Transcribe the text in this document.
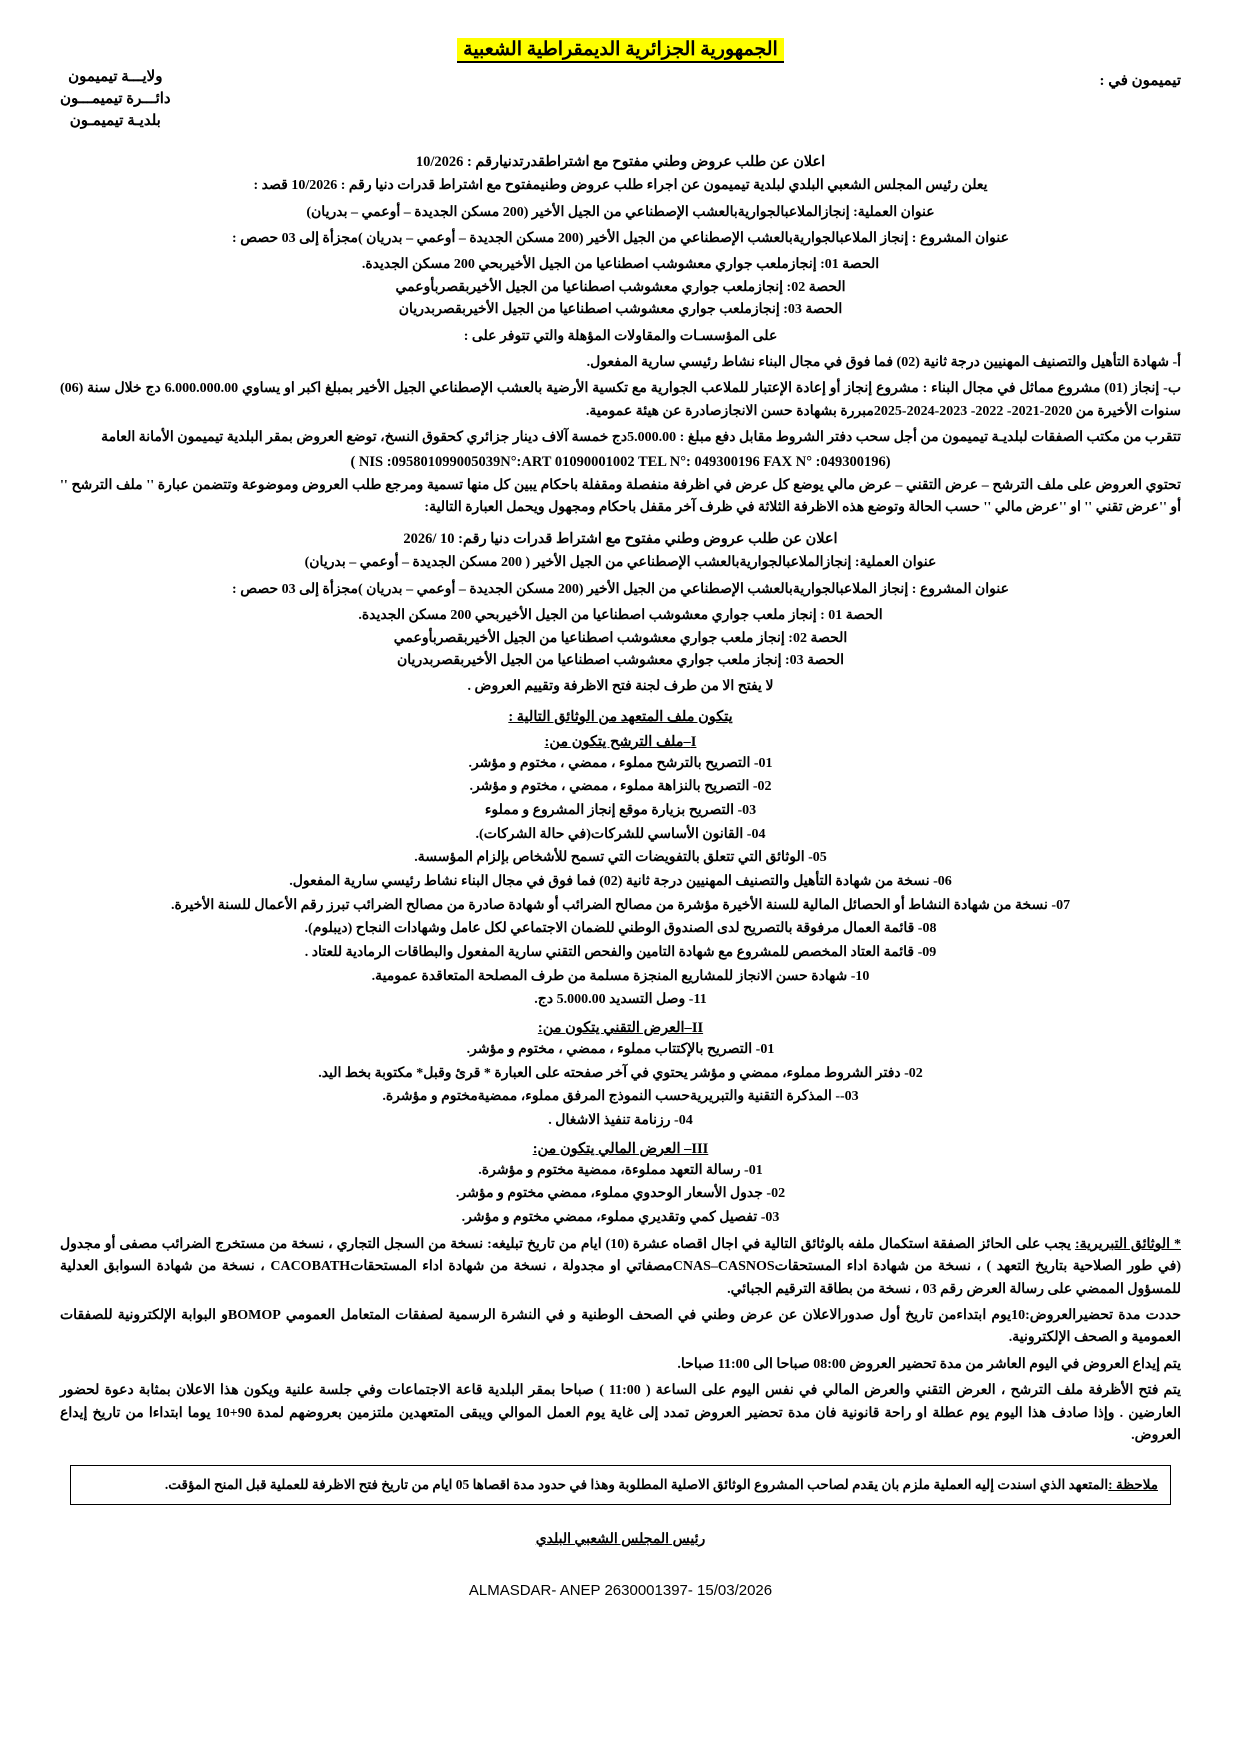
الجمهورية الجزائرية الديمقراطية الشعبية
ولايـــة تيميمون
دائـــرة تيميمـــون
بلديـة تيميمـون
تيميمون في :
اعلان عن طلب عروض وطني مفتوح مع اشتراطقدرتدنيارقم : 10/2026
يعلن رئيس المجلس الشعبي البلدي لبلدية تيميمون عن اجراء طلب عروض وطنيمفتوح مع اشتراط قدرات دنيا رقم : 10/2026 قصد :
عنوان العملية: إنجازالملاعبالجواريةبالعشب الإصطناعي من الجيل الأخير (200 مسكن الجديدة – أوعمي – بدريان)
عنوان المشروع : إنجاز الملاعبالجواريةبالعشب الإصطناعي من الجيل الأخير (200 مسكن الجديدة – أوعمي – بدريان )مجزأة إلى 03 حصص :
الحصة 01: إنجازملعب جواري معشوشب اصطناعيا من الجيل الأخيربحي 200 مسكن الجديدة.
الحصة 02: إنجازملعب جواري معشوشب اصطناعيا من الجيل الأخيربقصربأوعمي
الحصة 03: إنجازملعب جواري معشوشب اصطناعيا من الجيل الأخيربقصربدريان
على المؤسسـات والمقاولات المؤهلة والتي تتوفر على :
أ- شهادة التأهيل والتصنيف المهنيين درجة ثانية (02) فما فوق في مجال البناء نشاط رئيسي سارية المفعول.
ب- إنجاز (01) مشروع مماثل في مجال البناء : مشروع إنجاز أو إعادة الإعتبار للملاعب الجوارية مع تكسية الأرضية بالعشب الإصطناعي الجيل الأخير بمبلغ اكبر او يساوي 6.000.000.00 دج خلال سنة (06) سنوات الأخيرة من 2020-2021- 2022- 2023-2024-2025مبررة بشهادة حسن الانجازصادرة عن هيئة عمومية.
تتقرب من مكتب الصفقات لبلديـة تيميمون من أجل سحب دفتر الشروط مقابل دفع مبلغ : 5.000.00دج خمسة آلاف دينار جزائري كحقوق النسخ، توضع العروض بمقر البلدية تيميمون الأمانة العامة
( NIS :095801099005039N°:ART 01090001002 TEL N°: 049300196 FAX N° :049300196)
تحتوي العروض على ملف الترشح – عرض التقني – عرض مالي يوضع كل عرض في اظرفة منفصلة ومقفلة باحكام يبين كل منها تسمية ومرجع طلب العروض وموضوعة وتتضمن عبارة '' ملف الترشح '' أو ''عرض تقني '' او ''عرض مالي '' حسب الحالة وتوضع هذه الاظرفة الثلاثة في ظرف آخر مقفل باحكام ومجهول ويحمل العبارة التالية:
اعلان عن طلب عروض وطني مفتوح مع اشتراط قدرات دنيا رقم: 10 /2026
عنوان العملية: إنجازالملاعبالجواريةبالعشب الإصطناعي من الجيل الأخير ( 200 مسكن الجديدة – أوعمي – بدريان)
عنوان المشروع : إنجاز الملاعبالجواريةبالعشب الإصطناعي من الجيل الأخير (200 مسكن الجديدة – أوعمي – بدريان )مجزأة إلى 03 حصص :
الحصة 01 : إنجاز ملعب جواري معشوشب اصطناعيا من الجيل الأخيربحي 200 مسكن الجديدة.
الحصة 02: إنجاز ملعب جواري معشوشب اصطناعيا من الجيل الأخيربقصربأوعمي
الحصة 03: إنجاز ملعب جواري معشوشب اصطناعيا من الجيل الأخيربقصربدريان
لا يفتح الا من طرف لجنة فتح الاظرفة وتقييم العروض .
يتكون ملف المتعهد من الوثائق التالية :
I–ملف الترشح يتكون من:
01- التصريح بالترشح مملوء ، ممضي ، مختوم و مؤشر.
02- التصريح بالنزاهة مملوء ، ممضي ، مختوم و مؤشر.
03- التصريح بزيارة موقع إنجاز المشروع و مملوء
04- القانون الأساسي للشركات(في حالة الشركات).
05- الوثائق التي تتعلق بالتفويضات التي تسمح للأشخاص بإلزام المؤسسة.
06- نسخة من شهادة التأهيل والتصنيف المهنيين درجة ثانية (02) فما فوق في مجال البناء نشاط رئيسي سارية المفعول.
07- نسخة من شهادة النشاط أو الحصائل المالية للسنة الأخيرة مؤشرة من مصالح الضرائب أو شهادة صادرة من مصالح الضرائب تبرز رقم الأعمال للسنة الأخيرة.
08- قائمة العمال مرفوقة بالتصريح لدى الصندوق الوطني للضمان الاجتماعي لكل عامل وشهادات النجاح (ديبلوم).
09- قائمة العتاد المخصص للمشروع مع شهادة التامين والفحص التقني سارية المفعول والبطاقات الرمادية للعتاد .
10- شهادة حسن الانجاز للمشاريع المنجزة مسلمة من طرف المصلحة المتعاقدة عمومية.
11- وصل التسديد 5.000.00 دج.
II–العرض التقني يتكون من:
01- التصريح بالإكتتاب مملوء ، ممضي ، مختوم و مؤشر.
02- دفتر الشروط مملوء، ممضي و مؤشر يحتوي في آخر صفحته على العبارة * قرئ وقبل* مكتوبة بخط اليد.
03-- المذكرة التقنية والتبريريةحسب النموذج المرفق مملوء، ممضيةمختوم و مؤشرة.
04- رزنامة تنفيذ الاشغال .
III– العرض المالي يتكون من:
01- رسالة التعهد مملوءة، ممضية مختوم و مؤشرة.
02- جدول الأسعار الوحدوي مملوء، ممضي مختوم و مؤشر.
03- تفصيل كمي وتقديري مملوء، ممضي مختوم و مؤشر.
* الوثائق التبريرية: يجب على الحائز الصفقة استكمال ملفه بالوثائق التالية في اجال اقصاه عشرة (10) ايام من تاريخ تبليغه: نسخة من السجل التجاري ، نسخة من مستخرج الضرائب مصفى أو مجدول (في طور الصلاحية بتاريخ التعهد ) ، نسخة من شهادة اداء المستحقاتCNAS–CASNOSمصفاتي او مجدولة ، نسخة من شهادة اداء المستحقاتCACOBATH ، نسخة من شهادة السوابق العدلية للمسؤول الممضي على رسالة العرض رقم 03 ، نسخة من بطاقة الترقيم الجبائي.
حددت مدة تحضيرالعروض:10يوم ابتداءمن تاريخ أول صدورالاعلان عن عرض وطني في الصحف الوطنية و في النشرة الرسمية لصفقات المتعامل العمومي BOMOPو البوابة الإلكترونية للصفقات العمومية و الصحف الإلكترونية.
يتم إيداع العروض في اليوم العاشر من مدة تحضير العروض 08:00 صباحا الى 11:00 صباحا.
يتم فتح الأظرفة ملف الترشح ، العرض التقني والعرض المالي في نفس اليوم على الساعة ( 11:00 ) صباحا بمقر البلدية قاعة الاجتماعات وفي جلسة علنية ويكون هذا الاعلان بمثابة دعوة لحضور العارضين . وإذا صادف هذا اليوم يوم عطلة او راحة قانونية فان مدة تحضير العروض تمدد إلى غاية يوم العمل الموالي ويبقى المتعهدين ملتزمين بعروضهم لمدة 90+10 يوما ابتداءا من تاريخ إيداع العروض.
ملاحظة :المتعهد الذي اسندت إليه العملية ملزم بان يقدم لصاحب المشروع الوثائق الاصلية المطلوبة وهذا في حدود مدة اقصاها 05 ايام من تاريخ فتح الاظرفة للعملية قبل المنح المؤقت.
رئيس المجلس الشعبي البلدي
ALMASDAR- ANEP 2630001397- 15/03/2026
